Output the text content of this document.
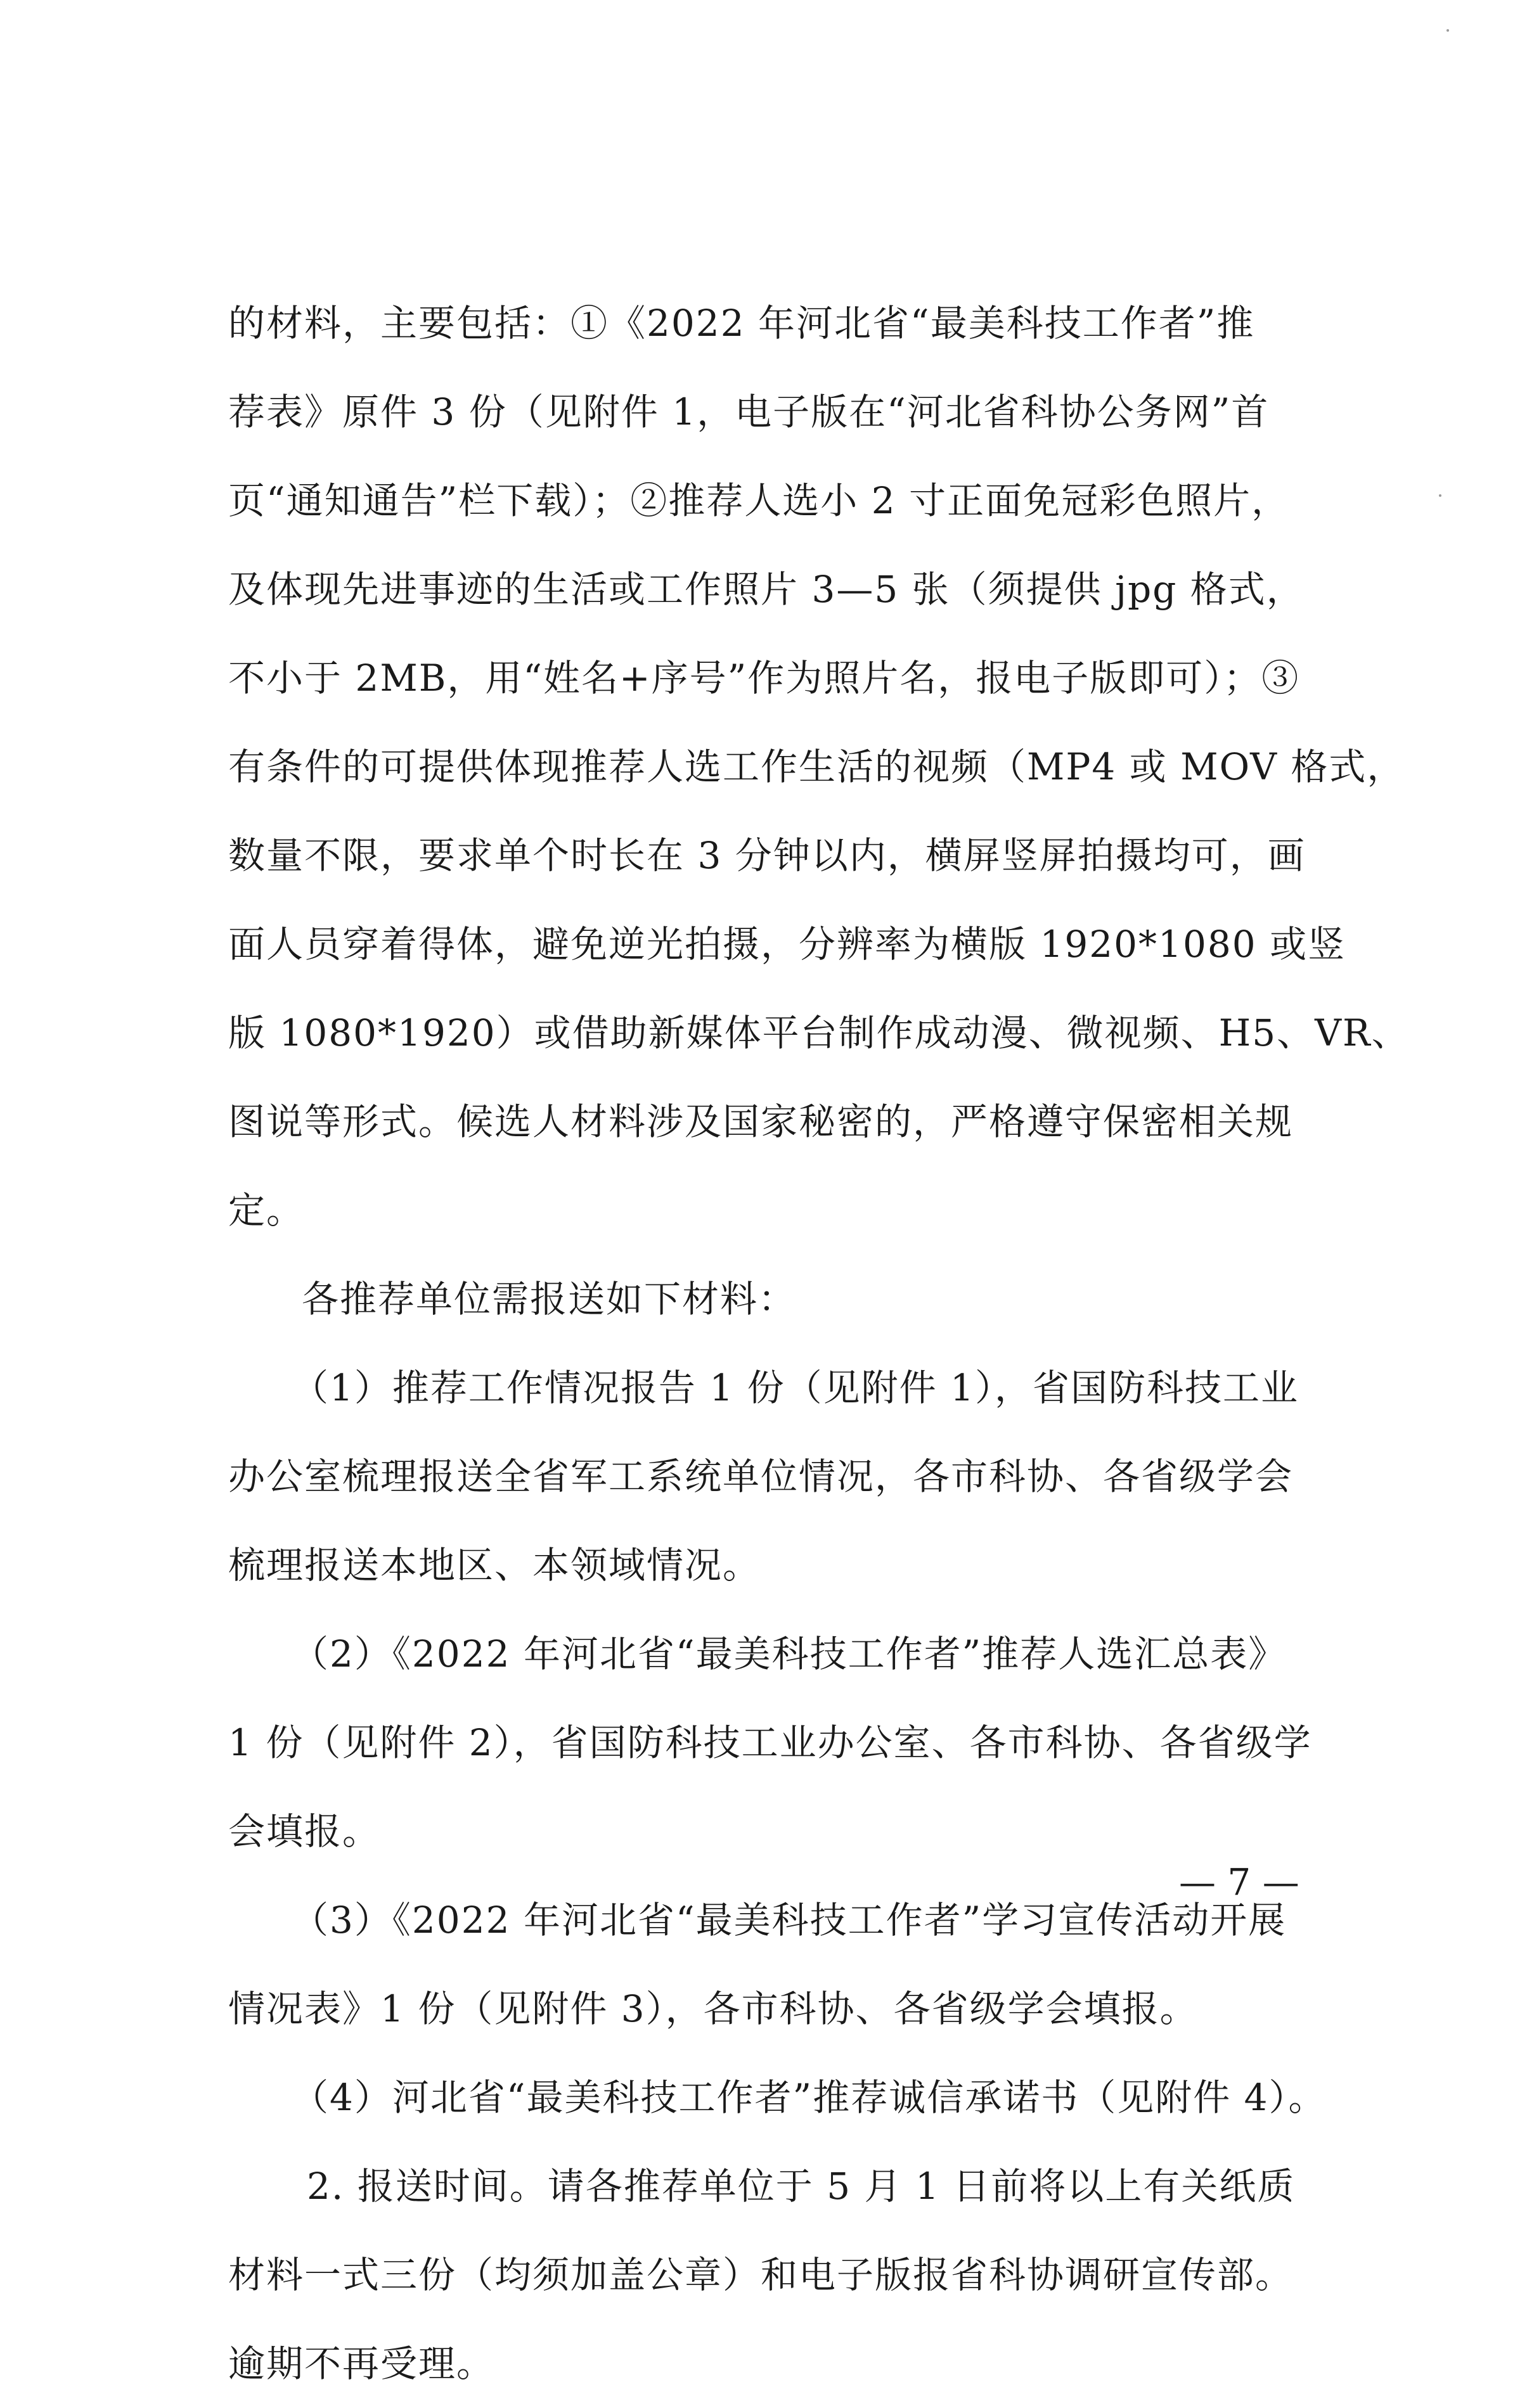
的材料，主要包括：①《2022 年河北省“最美科技工作者”推
荐表》原件 3 份（见附件 1，电子版在“河北省科协公务网”首
页“通知通告”栏下载）；②推荐人选小 2 寸正面免冠彩色照片，
及体现先进事迹的生活或工作照片 3—5 张（须提供 jpg 格式，
不小于 2MB，用“姓名+序号”作为照片名，报电子版即可）；③
有条件的可提供体现推荐人选工作生活的视频（MP4 或 MOV 格式，
数量不限，要求单个时长在 3 分钟以内，横屏竖屏拍摄均可，画
面人员穿着得体，避免逆光拍摄，分辨率为横版 1920*1080 或竖
版 1080*1920）或借助新媒体平台制作成动漫、微视频、H5、VR、
图说等形式。候选人材料涉及国家秘密的，严格遵守保密相关规
定。
各推荐单位需报送如下材料：
（1）推荐工作情况报告 1 份（见附件 1），省国防科技工业
办公室梳理报送全省军工系统单位情况，各市科协、各省级学会
梳理报送本地区、本领域情况。
（2）《2022 年河北省“最美科技工作者”推荐人选汇总表》
1 份（见附件 2），省国防科技工业办公室、各市科协、各省级学
会填报。
（3）《2022 年河北省“最美科技工作者”学习宣传活动开展
情况表》1 份（见附件 3），各市科协、各省级学会填报。
（4）河北省“最美科技工作者”推荐诚信承诺书（见附件 4）。
2. 报送时间。请各推荐单位于 5 月 1 日前将以上有关纸质
材料一式三份（均须加盖公章）和电子版报省科协调研宣传部。
逾期不再受理。
— 7 —
